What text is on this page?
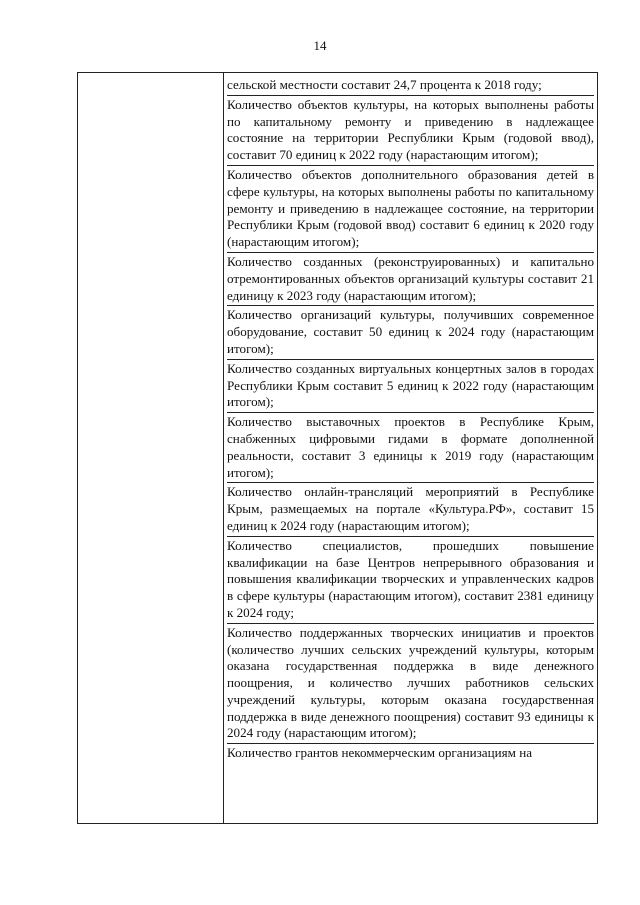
14
сельской местности составит 24,7 процента к 2018 году;
Количество объектов культуры, на которых выполнены работы по капитальному ремонту и приведению в надлежащее состояние на территории Республики Крым (годовой ввод), составит 70 единиц к 2022 году (нарастающим итогом);
Количество объектов дополнительного образования детей в сфере культуры, на которых выполнены работы по капитальному ремонту и приведению в надлежащее состояние, на территории Республики Крым (годовой ввод) составит 6 единиц к 2020 году (нарастающим итогом);
Количество созданных (реконструированных) и капитально отремонтированных объектов организаций культуры составит 21 единицу к 2023 году (нарастающим итогом);
Количество организаций культуры, получивших современное оборудование, составит 50 единиц к 2024 году (нарастающим итогом);
Количество созданных виртуальных концертных залов в городах Республики Крым составит 5 единиц к 2022 году (нарастающим итогом);
Количество выставочных проектов в Республике Крым, снабженных цифровыми гидами в формате дополненной реальности, составит 3 единицы к 2019 году (нарастающим итогом);
Количество онлайн-трансляций мероприятий в Республике Крым, размещаемых на портале «Культура.РФ», составит 15 единиц к 2024 году (нарастающим итогом);
Количество специалистов, прошедших повышение квалификации на базе Центров непрерывного образования и повышения квалификации творческих и управленческих кадров в сфере культуры (нарастающим итогом), составит 2381 единицу к 2024 году;
Количество поддержанных творческих инициатив и проектов (количество лучших сельских учреждений культуры, которым оказана государственная поддержка в виде денежного поощрения, и количество лучших работников сельских учреждений культуры, которым оказана государственная поддержка в виде денежного поощрения) составит 93 единицы к 2024 году (нарастающим итогом);
Количество грантов некоммерческим организациям на
